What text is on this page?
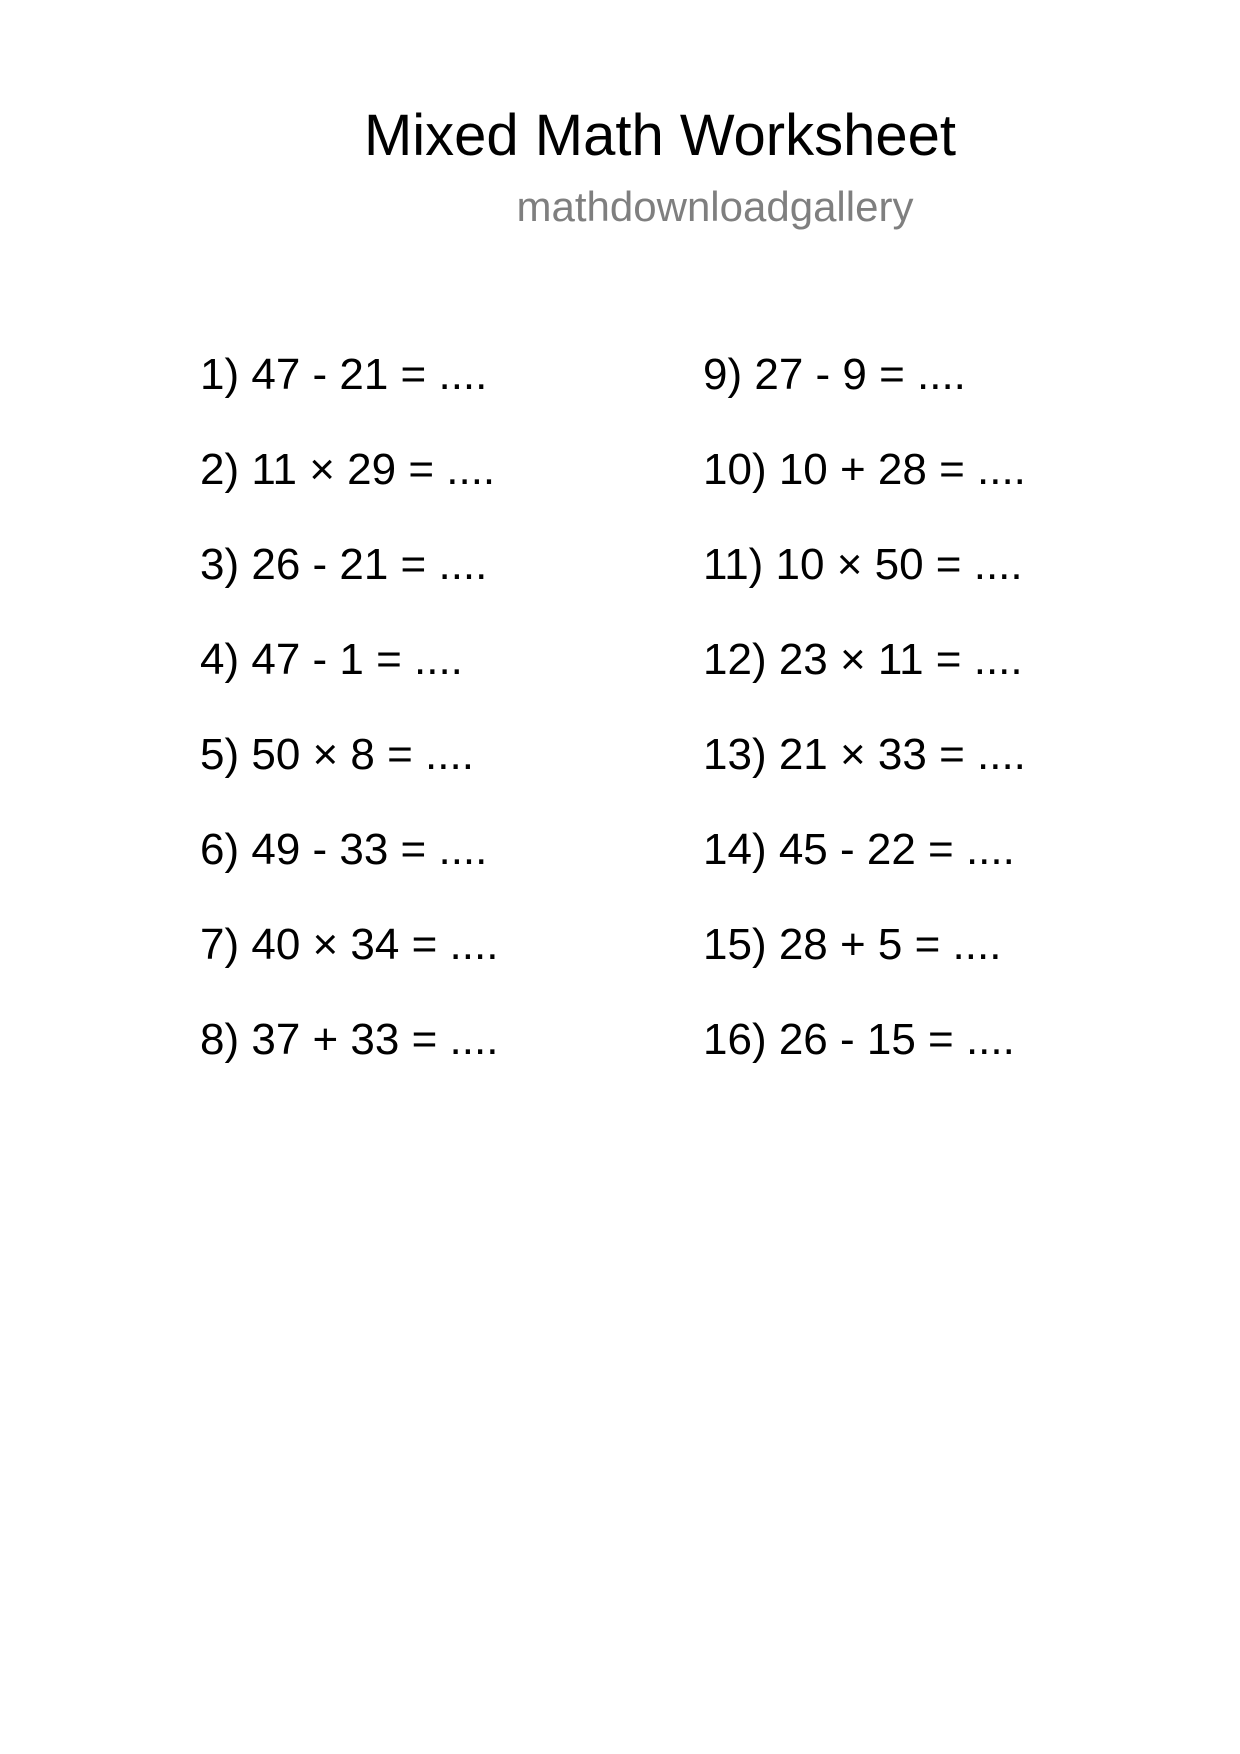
Mixed Math Worksheet
mathdownloadgallery
1) 47 - 21 = ....
2) 11 × 29 = ....
3) 26 - 21 = ....
4) 47 - 1 = ....
5) 50 × 8 = ....
6) 49 - 33 = ....
7) 40 × 34 = ....
8) 37 + 33 = ....
9) 27 - 9 = ....
10) 10 + 28 = ....
11) 10 × 50 = ....
12) 23 × 11 = ....
13) 21 × 33 = ....
14) 45 - 22 = ....
15) 28 + 5 = ....
16) 26 - 15 = ....
